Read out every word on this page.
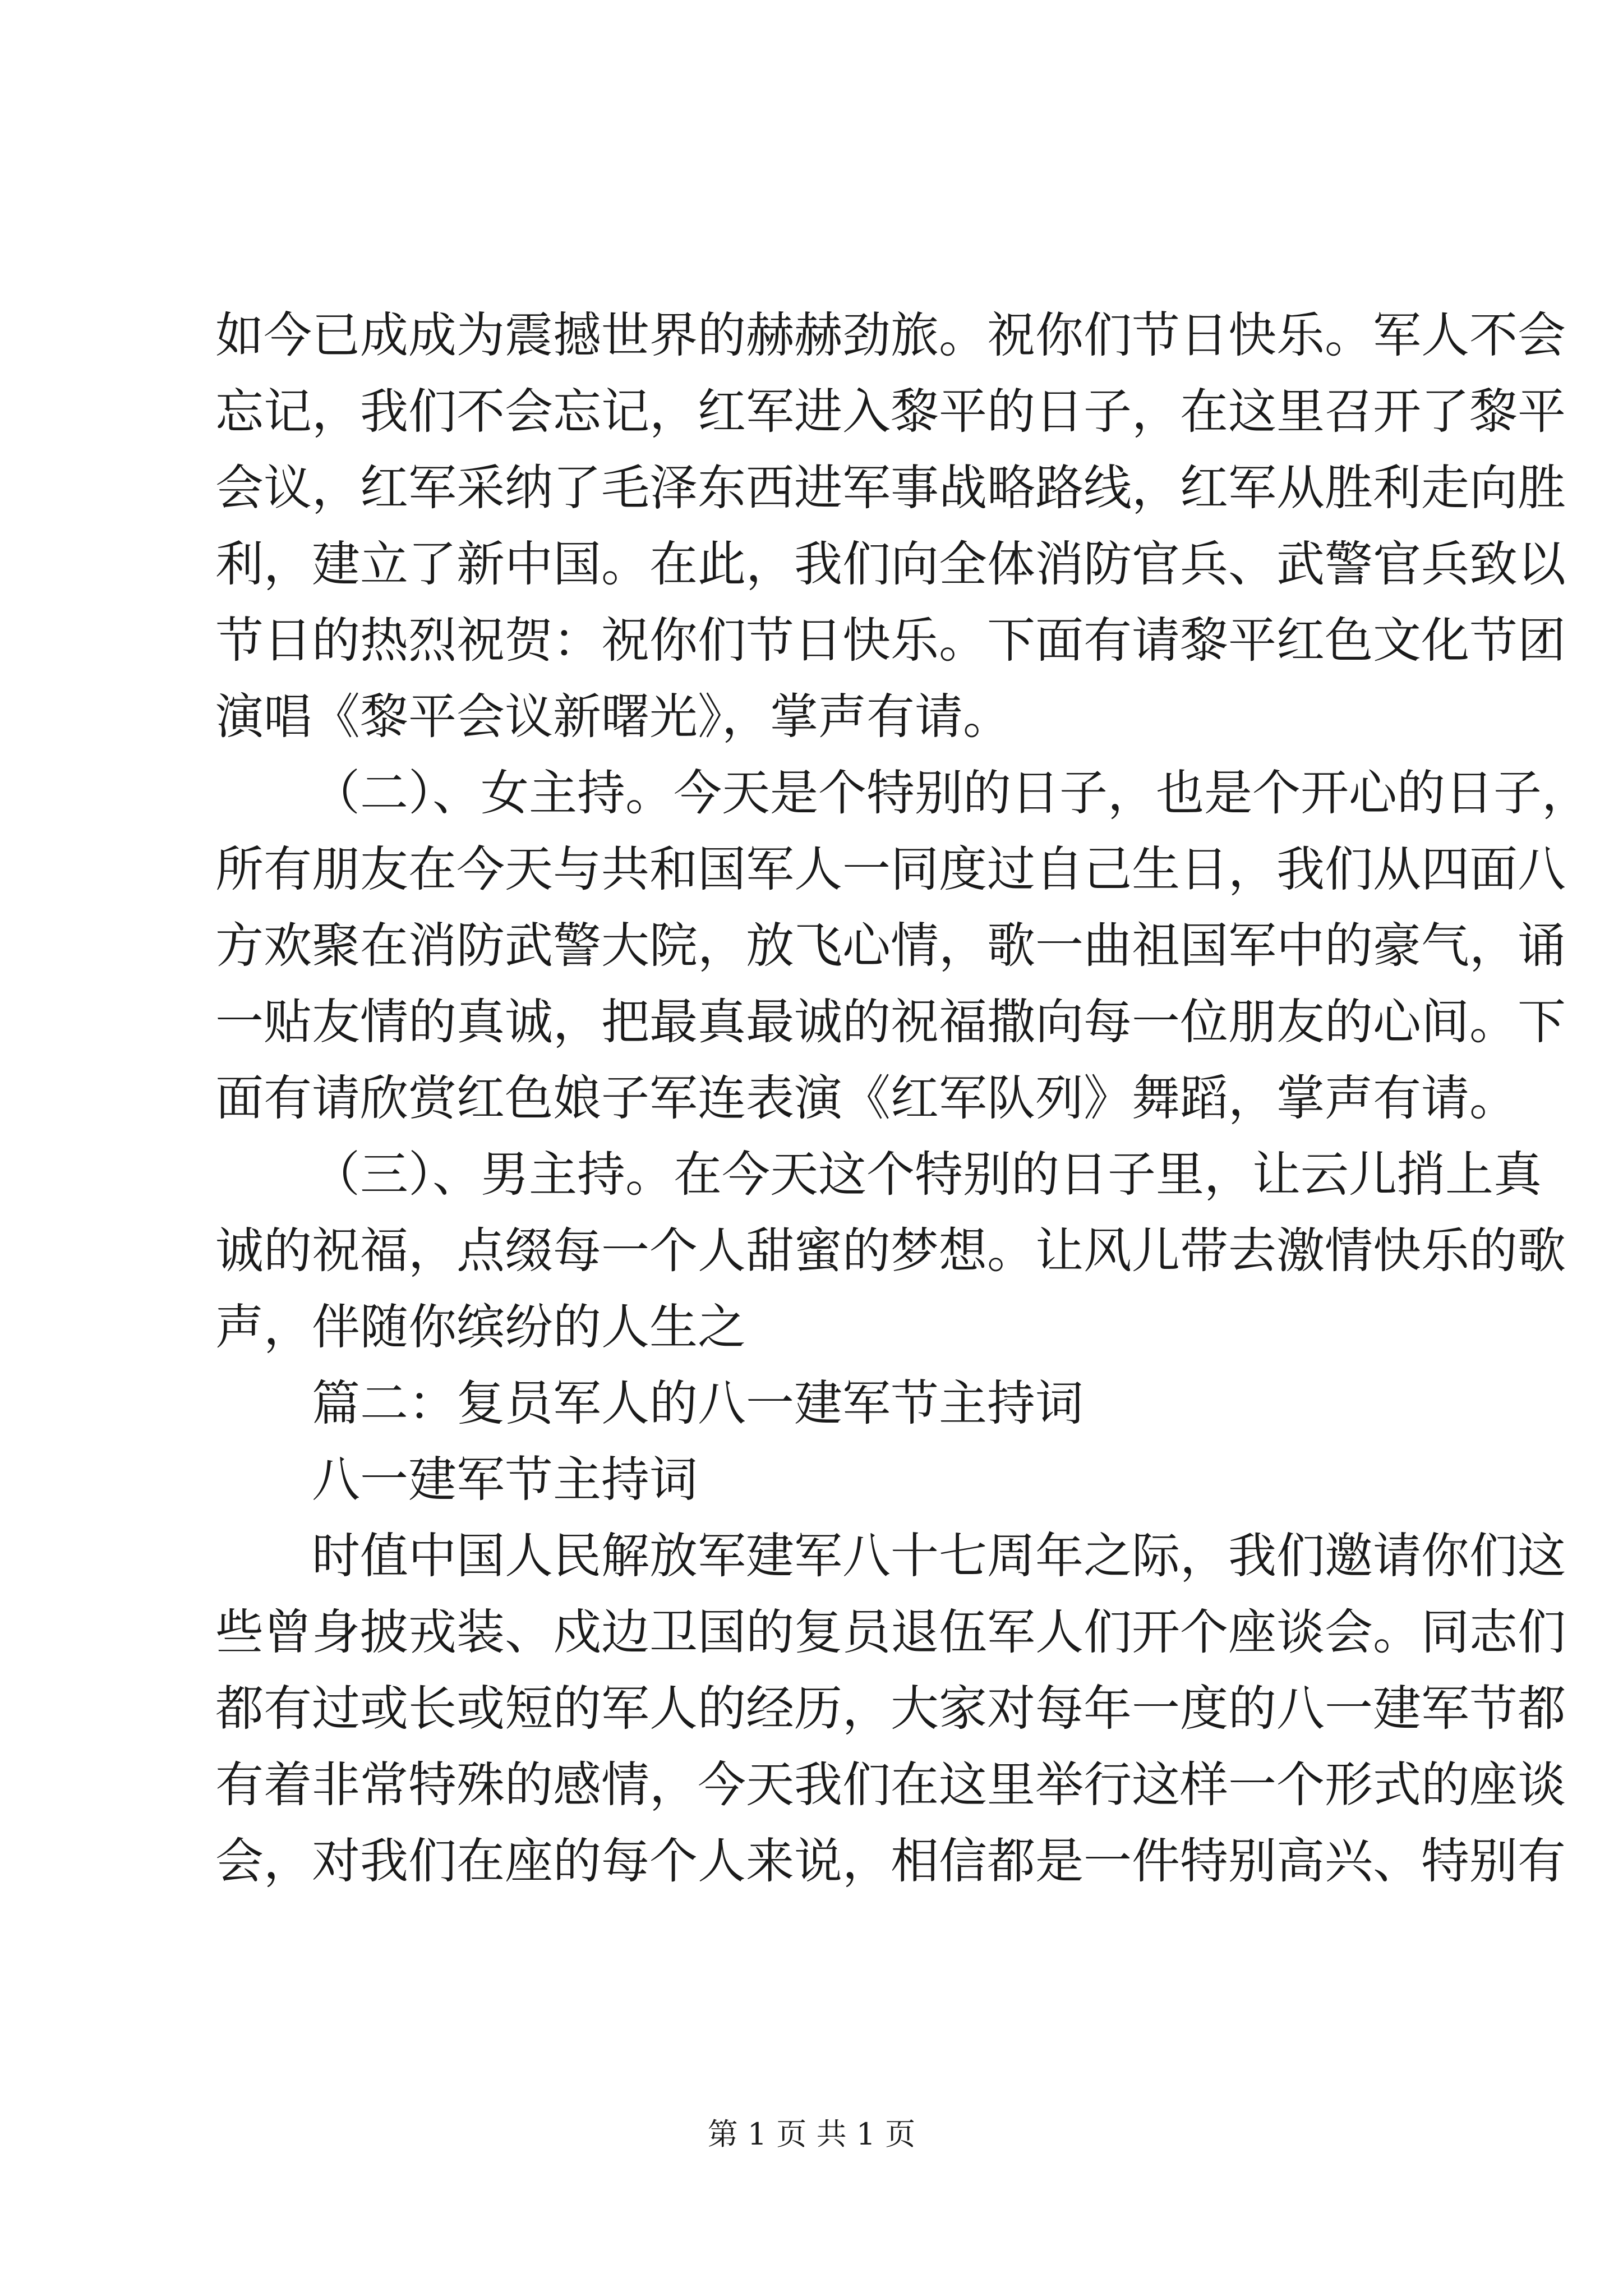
如今已成成为震撼世界的赫赫劲旅。祝你们节日快乐。军人不会

忘记，我们不会忘记，红军进入黎平的日子，在这里召开了黎平

会议，红军采纳了毛泽东西进军事战略路线，红军从胜利走向胜

利，建立了新中国。在此，我们向全体消防官兵、武警官兵致以

节日的热烈祝贺：祝你们节日快乐。下面有请黎平红色文化节团

演唱《黎平会议新曙光》，掌声有请。

（二）、女主持。今天是个特别的日子，也是个开心的日子，

所有朋友在今天与共和国军人一同度过自己生日，我们从四面八

方欢聚在消防武警大院，放飞心情，歌一曲祖国军中的豪气，诵

一贴友情的真诚，把最真最诚的祝福撒向每一位朋友的心间。下

面有请欣赏红色娘子军连表演《红军队列》舞蹈，掌声有请。

（三）、男主持。在今天这个特别的日子里，让云儿捎上真

诚的祝福，点缀每一个人甜蜜的梦想。让风儿带去激情快乐的歌

声，伴随你缤纷的人生之

篇二：复员军人的八一建军节主持词

八一建军节主持词

时值中国人民解放军建军八十七周年之际，我们邀请你们这

些曾身披戎装、戍边卫国的复员退伍军人们开个座谈会。同志们

都有过或长或短的军人的经历，大家对每年一度的八一建军节都

有着非常特殊的感情，今天我们在这里举行这样一个形式的座谈

会，对我们在座的每个人来说，相信都是一件特别高兴、特别有

第 1 页 共 1 页
